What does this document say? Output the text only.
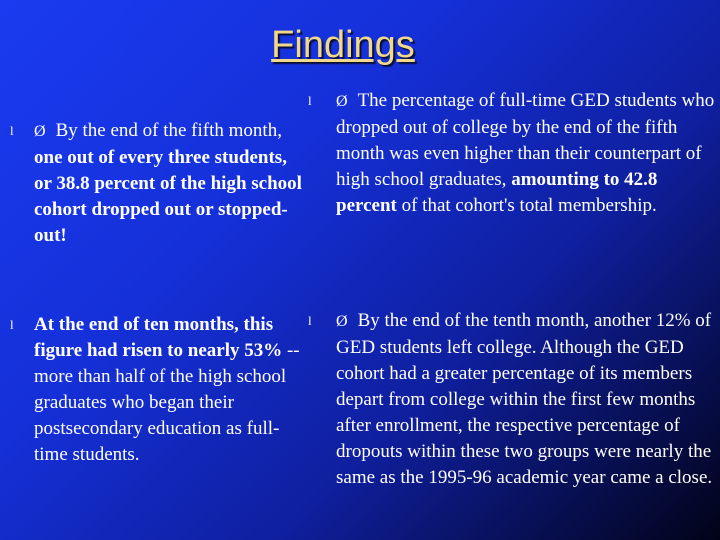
Findings
l Ø By the end of the fifth month, one out of every three students, or 38.8 percent of the high school cohort dropped out or stopped-out!
l At the end of ten months, this figure had risen to nearly 53% -- more than half of the high school graduates who began their postsecondary education as full-time students.
l Ø The percentage of full-time GED students who dropped out of college by the end of the fifth month was even higher than their counterpart of high school graduates, amounting to 42.8 percent of that cohort's total membership.
l Ø By the end of the tenth month, another 12% of GED students left college. Although the GED cohort had a greater percentage of its members depart from college within the first few months after enrollment, the respective percentage of dropouts within these two groups were nearly the same as the 1995-96 academic year came a close.
